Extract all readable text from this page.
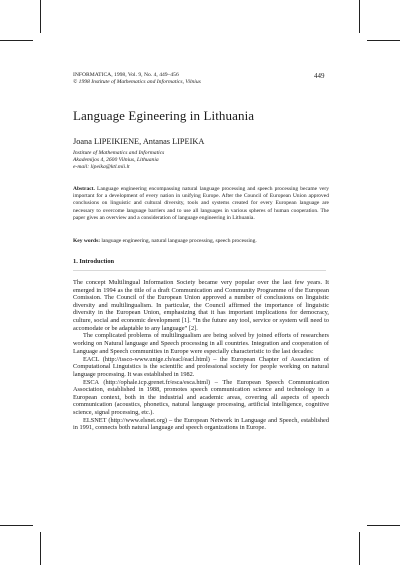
INFORMATICA, 1998, Vol. 9, No. 4, 449–456
© 1998 Institute of Mathematics and Informatics, Vilnius
449
Language Egineering in Lithuania
Joana LIPEIKIENE, Antanas LIPEIKA
Institute of Mathematics and Informatics
Akademijos 4, 2600 Vilnius, Lithuania
e-mail: lipeika@ktl.mii.lt
Abstract. Language engineering encompassing natural language processing and speech processing became very important for a development of every nation in unifying Europe. After the Council of European Union approved conclusions on linguistic and cultural diversity, tools and systems created for every European language are necessary to overcome language barriers and to use all languages in various spheres of human cooperation. The paper gives an overview and a consideration of language engineering in Lithuania.
Key words: language engineering, natural language processing, speech processing.
1. Introduction

The concept Multilingual Information Society became very popular over the last few years. It emerged in 1994 as the title of a draft Communication and Community Programme of the European Comission. The Council of the European Union approved a number of conclusions on linguistic diversity and multilingualism. In particular, the Council affirmed the importance of linguistic diversity in the European Union, emphasizing that it has important implications for democracy, culture, social and economic development [1]. “In the future any tool, service or system will need to accomodate or be adaptable to any language” [2].

The complicated problems of multilingualism are being solved by joined efforts of researchers working on Natural language and Speech processing in all countries. Integration and cooperation of Language and Speech communities in Europe were especially characteristic to the last decades:

EACL (http://issco-www.unige.ch/eacl/eacl.html) – the European Chapter of Association of Computational Linguistics is the scientific and professional society for people working on natural language processing. It was established in 1982.

ESCA (http://ophale.icp.grenet.fr/esca/esca.html) – The European Speech Communication Association, established in 1988, promotes speech communication science and technology in a European context, both in the industrial and academic areas, covering all aspects of speech communication (acoustics, phonetics, natural language processing, artificial intelligence, cognitive science, signal processing, etc.).

ELSNET (http://www.elsnet.org) – the European Network in Language and Speech, established in 1991, connects both natural language and speech organizations in Europe.
